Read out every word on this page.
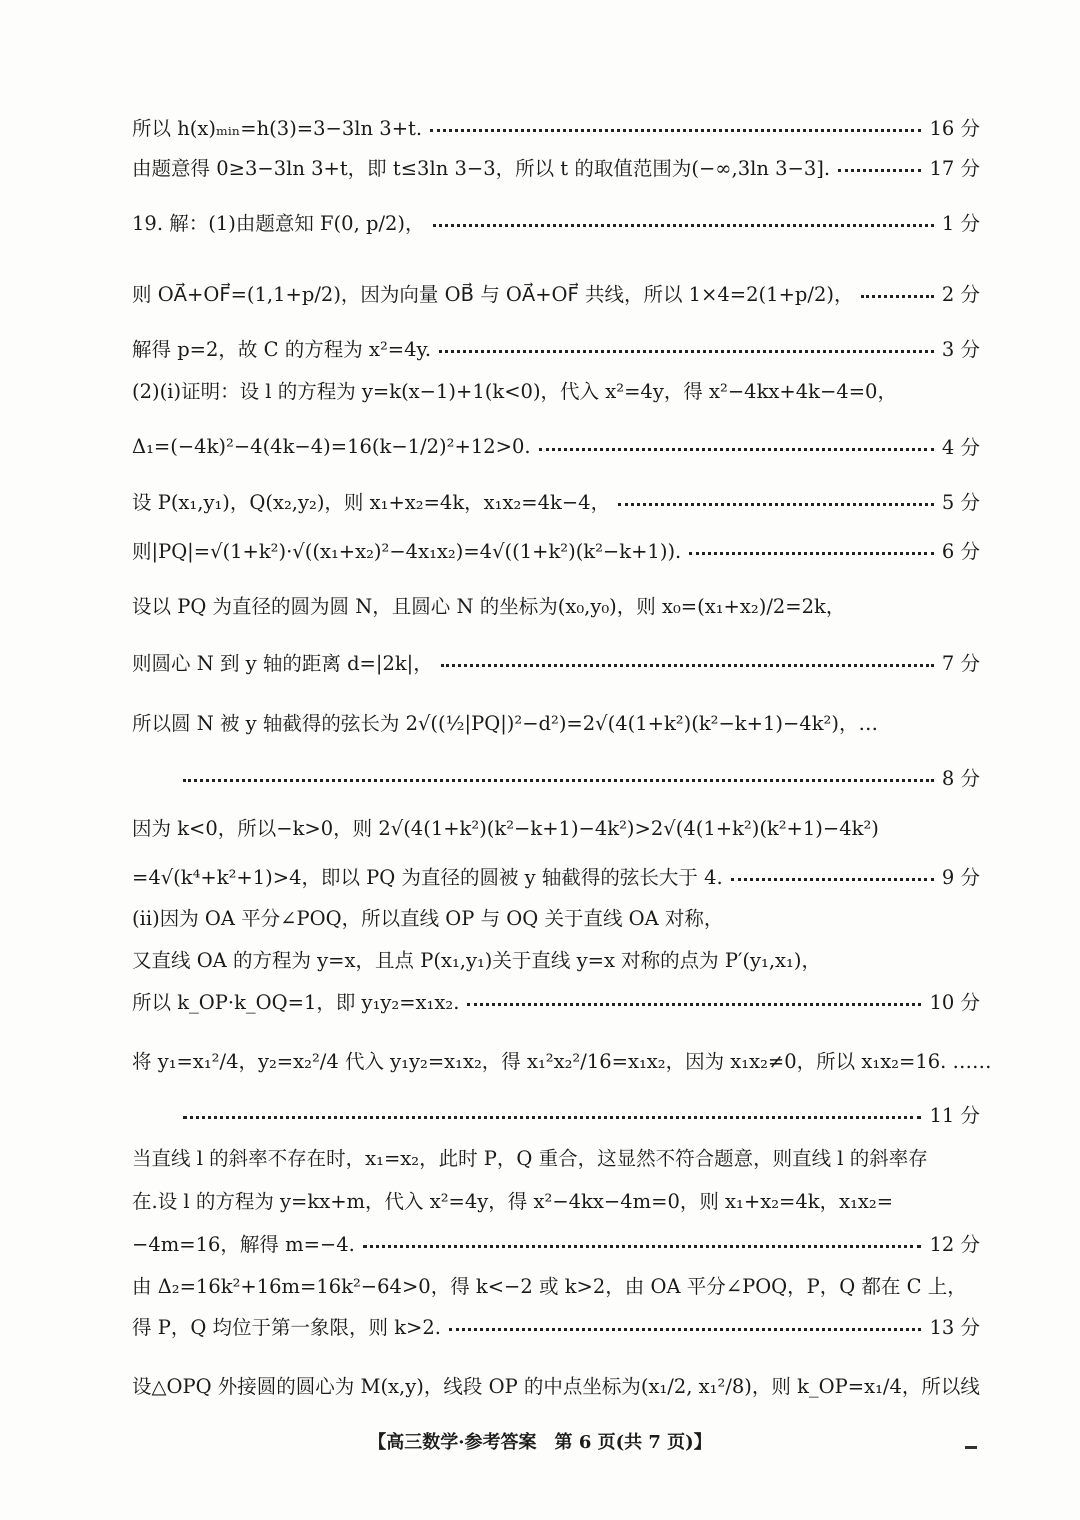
所以 h(x)ₘᵢₙ=h(3)=3−3ln 3+t.	16 分
由题意得 0≥3−3ln 3+t，即 t≤3ln 3−3，所以 t 的取值范围为(−∞,3ln 3−3].	17 分
19. 解：(1)由题意知 F(0, p/2)，	1 分
则 OA⃗+OF⃗=(1,1+p/2)，因为向量 OB⃗ 与 OA⃗+OF⃗ 共线，所以 1×4=2(1+p/2)，	2 分
解得 p=2，故 C 的方程为 x²=4y.	3 分
(2)(ⅰ)证明：设 l 的方程为 y=k(x−1)+1(k<0)，代入 x²=4y，得 x²−4kx+4k−4=0，
Δ₁=(−4k)²−4(4k−4)=16(k−1/2)²+12>0.	4 分
设 P(x₁,y₁)，Q(x₂,y₂)，则 x₁+x₂=4k，x₁x₂=4k−4，	5 分
则|PQ|=√(1+k²)·√((x₁+x₂)²−4x₁x₂)=4√((1+k²)(k²−k+1)).	6 分
设以 PQ 为直径的圆为圆 N，且圆心 N 的坐标为(x₀,y₀)，则 x₀=(x₁+x₂)/2=2k，
则圆心 N 到 y 轴的距离 d=|2k|，	7 分
所以圆 N 被 y 轴截得的弦长为 2√((½|PQ|)²−d²)=2√(4(1+k²)(k²−k+1)−4k²)，…
8 分
因为 k<0，所以−k>0，则 2√(4(1+k²)(k²−k+1)−4k²)>2√(4(1+k²)(k²+1)−4k²)
=4√(k⁴+k²+1)>4，即以 PQ 为直径的圆被 y 轴截得的弦长大于 4.	9 分
(ⅱ)因为 OA 平分∠POQ，所以直线 OP 与 OQ 关于直线 OA 对称，
又直线 OA 的方程为 y=x，且点 P(x₁,y₁)关于直线 y=x 对称的点为 P′(y₁,x₁)，
所以 k_OP·k_OQ=1，即 y₁y₂=x₁x₂.	10 分
将 y₁=x₁²/4，y₂=x₂²/4 代入 y₁y₂=x₁x₂，得 x₁²x₂²/16=x₁x₂，因为 x₁x₂≠0，所以 x₁x₂=16. ……
11 分
当直线 l 的斜率不存在时，x₁=x₂，此时 P，Q 重合，这显然不符合题意，则直线 l 的斜率存
在.设 l 的方程为 y=kx+m，代入 x²=4y，得 x²−4kx−4m=0，则 x₁+x₂=4k，x₁x₂=
−4m=16，解得 m=−4.	12 分
由 Δ₂=16k²+16m=16k²−64>0，得 k<−2 或 k>2，由 OA 平分∠POQ，P，Q 都在 C 上，
得 P，Q 均位于第一象限，则 k>2.	13 分
设△OPQ 外接圆的圆心为 M(x,y)，线段 OP 的中点坐标为(x₁/2, x₁²/8)，则 k_OP=x₁/4，所以线
【高三数学·参考答案　第 6 页(共 7 页)】
